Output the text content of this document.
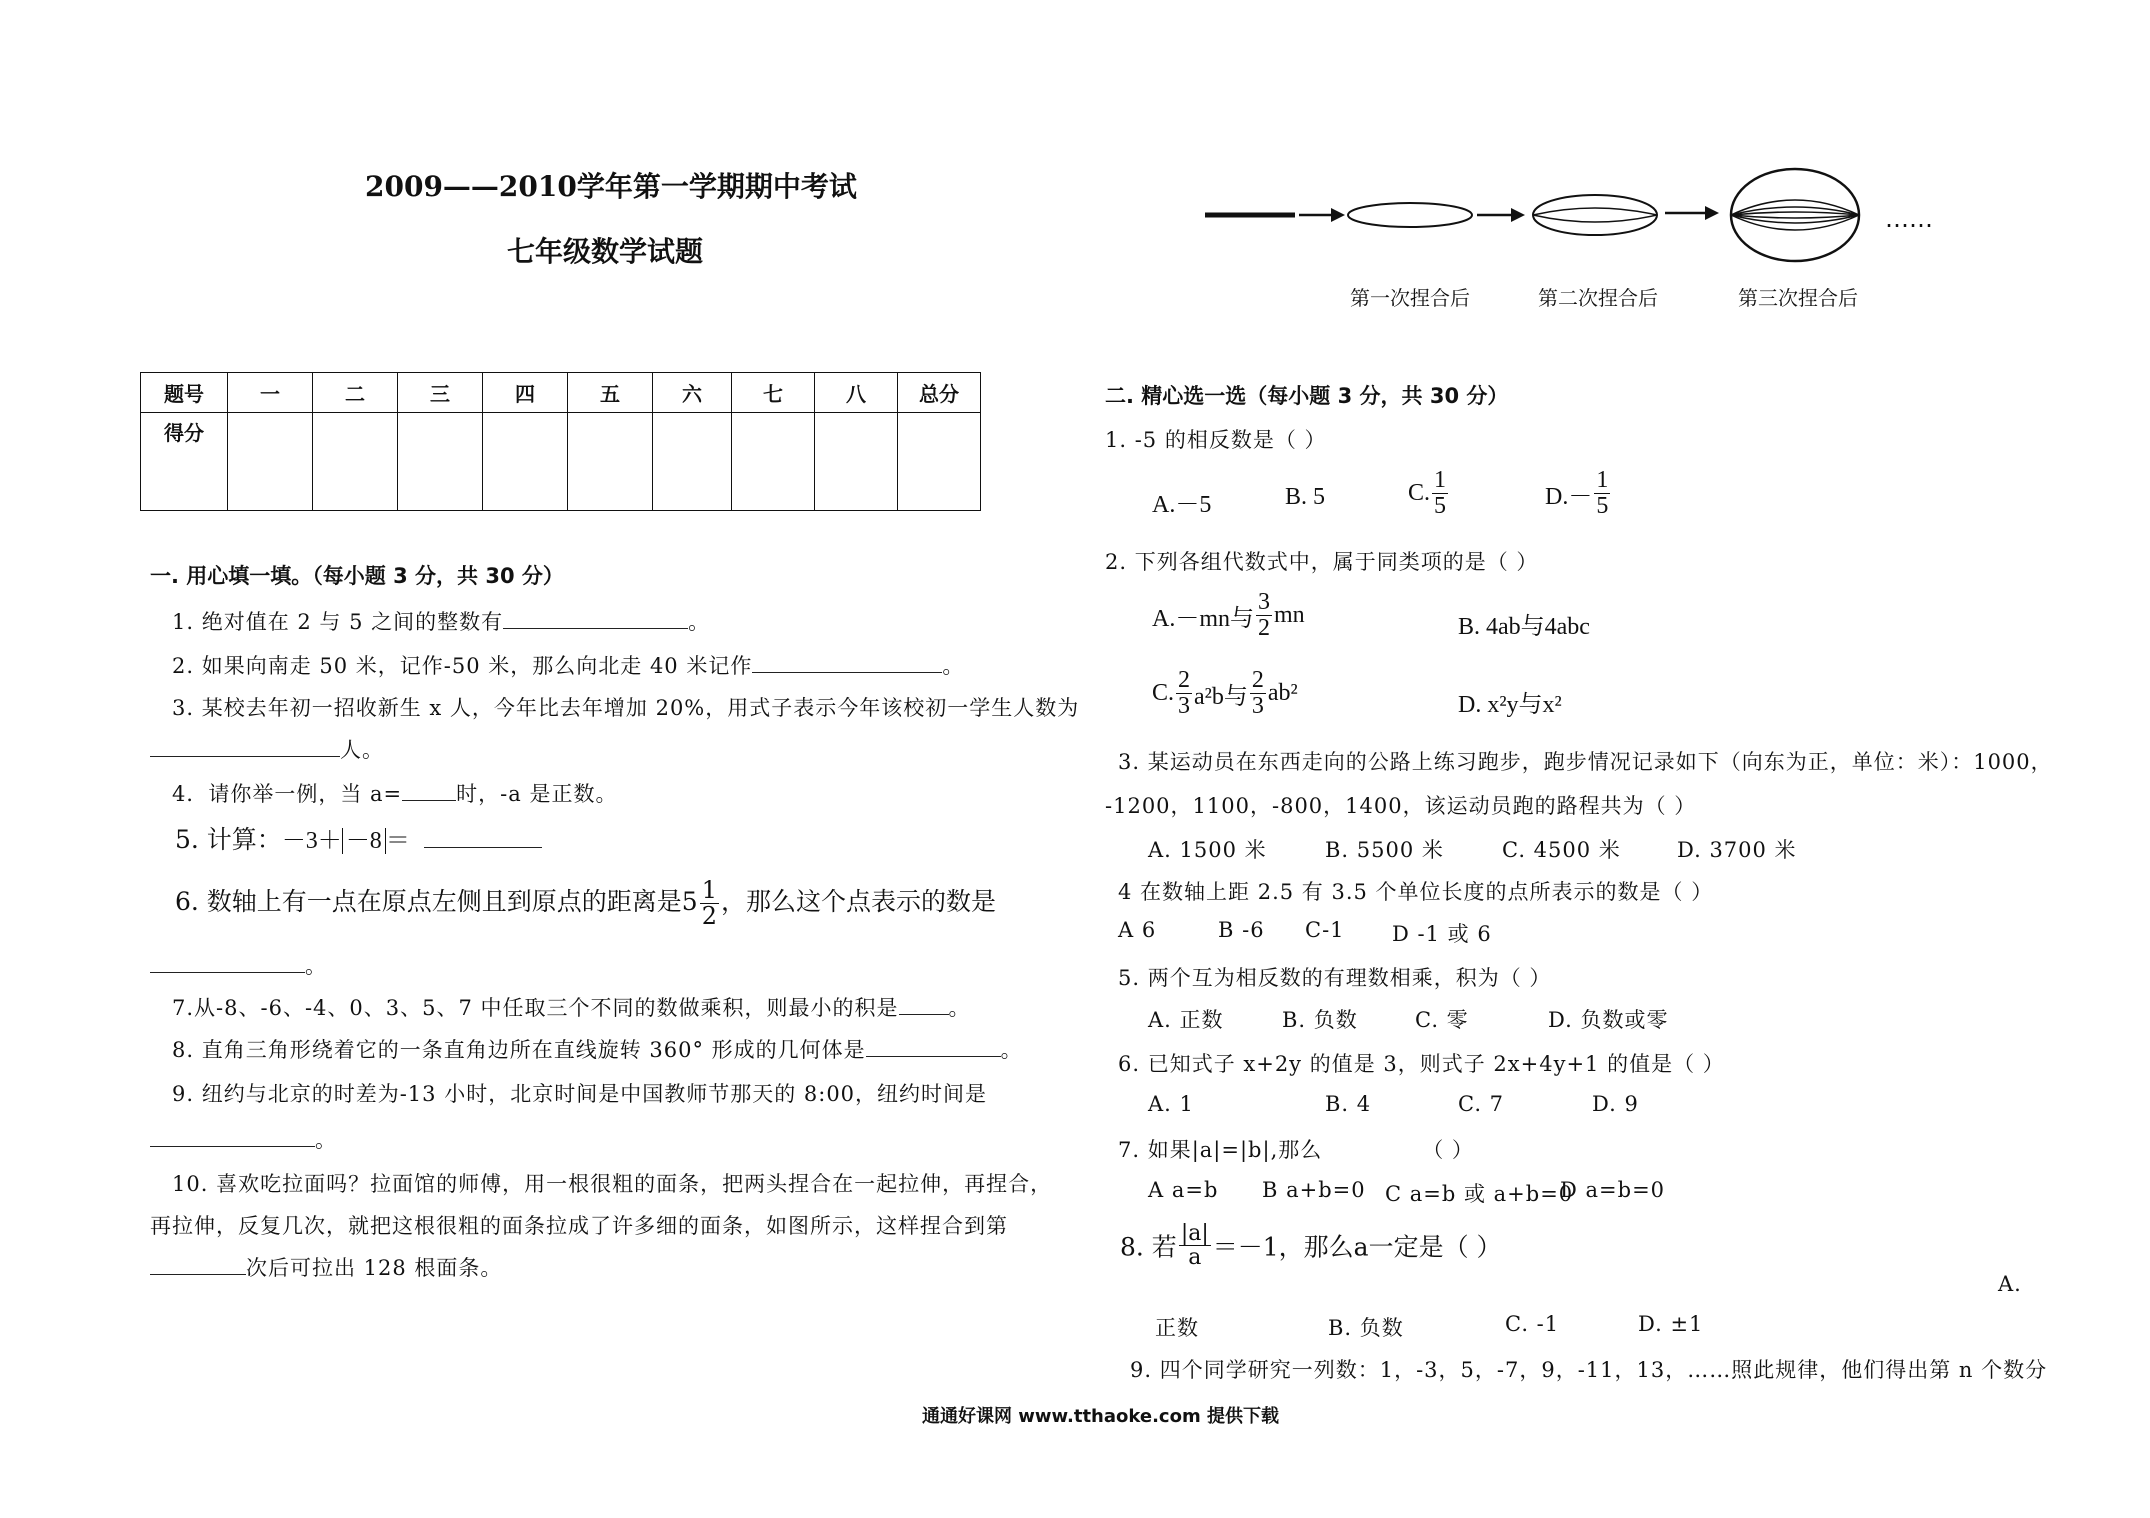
2009——2010学年第一学期期中考试
七年级数学试题
题号	一	二	三	四	五	六	七	八	总分
得分									
一. 用心填一填。（每小题 3 分，共 30 分）
1. 绝对值在 2 与 5 之间的整数有	。
2. 如果向南走 50 米，记作-50 米，那么向北走 40 米记作	。
3. 某校去年初一招收新生 x 人，今年比去年增加 20%，用式子表示今年该校初一学生人数为
人。
4．请你举一例，当 a=	时，-a 是正数。
5. 计算：－3＋ －8 ＝
6. 数轴上有一点在原点左侧且到原点的距离是$5 \frac{1}{2}$ ，那么这个点表示的数是
。
7.从-8、-6、-4、0、3、5、7 中任取三个不同的数做乘积，则最小的积是 。
8. 直角三角形绕着它的一条直角边所在直线旋转 360° 形成的几何体是	。
9. 纽约与北京的时差为-13 小时，北京时间是中国教师节那天的 8:00，纽约时间是
。
10. 喜欢吃拉面吗？拉面馆的师傅，用一根很粗的面条，把两头捏合在一起拉伸，再捏合，
再拉伸，反复几次，就把这根很粗的面条拉成了许多细的面条，如图所示，这样捏合到第
次后可拉出 128 根面条。
……
第一次捏合后	第二次捏合后	第三次捏合后
二. 精心选一选（每小题 3 分，共 30 分）
1. -5 的相反数是（ ）
A.－5	B. 5	C. $\frac{1}{5}$	$D.- \frac{1}{5}$
2. 下列各组代数式中，属于同类项的是（ ）
A.－mn与 $\frac{3}{2}$ mn	B. 4ab与4abc
C. $\frac{2}{3} a^2b$与 $\frac{2}{3} ab^2$	D. x²y与x²
3. 某运动员在东西走向的公路上练习跑步，跑步情况记录如下（向东为正，单位：米）：1000，
-1200，1100，-800，1400，该运动员跑的路程共为（ ）
A. 1500 米	B. 5500 米	C. 4500 米	D. 3700 米
4 在数轴上距 2.5 有 3.5 个单位长度的点所表示的数是（ ）
A 6	B -6 C-1 D -1 或 6
5. 两个互为相反数的有理数相乘，积为（ ）
A. 正数	B. 负数	C. 零	D. 负数或零
6. 已知式子 x+2y 的值是 3，则式子 2x+4y+1 的值是（ ）
A. 1	B. 4	C. 7	D. 9
7. 如果|a|=|b|,那么	（ ）
A a=b B a+b=0 C a=b 或 a+b=0
D a=b=0
8. 若 $\frac{|a|}{a} =-1$，那么a一定是（ ）
A.
正数	B. 负数	C. -1	D. ±1
9. 四个同学研究一列数：1，-3，5，-7，9，-11，13，……照此规律，他们得出第 n 个数分
通通好课网 www.tthaoke.com 提供下载
